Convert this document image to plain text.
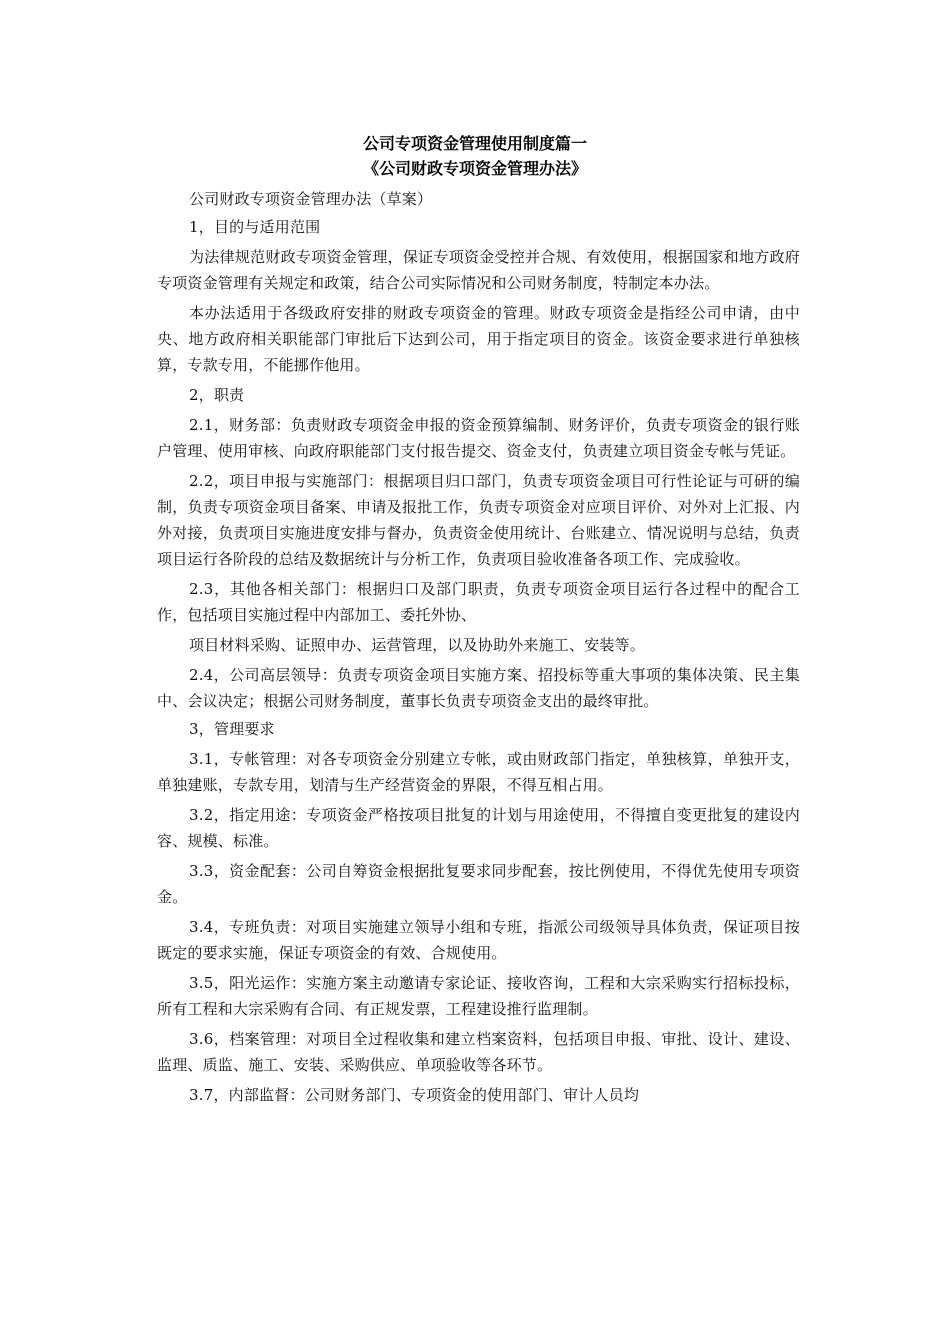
公司专项资金管理使用制度篇一
《公司财政专项资金管理办法》

公司财政专项资金管理办法（草案）

1，目的与适用范围

为法律规范财政专项资金管理，保证专项资金受控并合规、有效使用，根据国家和地方政府专项资金管理有关规定和政策，结合公司实际情况和公司财务制度，特制定本办法。

本办法适用于各级政府安排的财政专项资金的管理。财政专项资金是指经公司申请，由中央、地方政府相关职能部门审批后下达到公司，用于指定项目的资金。该资金要求进行单独核算，专款专用，不能挪作他用。

2，职责

2.1，财务部：负责财政专项资金申报的资金预算编制、财务评价，负责专项资金的银行账户管理、使用审核、向政府职能部门支付报告提交、资金支付，负责建立项目资金专帐与凭证。

2.2，项目申报与实施部门：根据项目归口部门，负责专项资金项目可行性论证与可研的编制，负责专项资金项目备案、申请及报批工作，负责专项资金对应项目评价、对外对上汇报、内外对接，负责项目实施进度安排与督办，负责资金使用统计、台账建立、情况说明与总结，负责项目运行各阶段的总结及数据统计与分析工作，负责项目验收准备各项工作、完成验收。

2.3，其他各相关部门：根据归口及部门职责，负责专项资金项目运行各过程中的配合工作，包括项目实施过程中内部加工、委托外协、

项目材料采购、证照申办、运营管理，以及协助外来施工、安装等。

2.4，公司高层领导：负责专项资金项目实施方案、招投标等重大事项的集体决策、民主集中、会议决定；根据公司财务制度，董事长负责专项资金支出的最终审批。

3，管理要求

3.1，专帐管理：对各专项资金分别建立专帐，或由财政部门指定，单独核算，单独开支，单独建账，专款专用，划清与生产经营资金的界限，不得互相占用。

3.2，指定用途：专项资金严格按项目批复的计划与用途使用，不得擅自变更批复的建设内容、规模、标准。

3.3，资金配套：公司自筹资金根据批复要求同步配套，按比例使用，不得优先使用专项资金。

3.4，专班负责：对项目实施建立领导小组和专班，指派公司级领导具体负责，保证项目按既定的要求实施，保证专项资金的有效、合规使用。

3.5，阳光运作：实施方案主动邀请专家论证、接收咨询，工程和大宗采购实行招标投标，所有工程和大宗采购有合同、有正规发票，工程建设推行监理制。

3.6，档案管理：对项目全过程收集和建立档案资料，包括项目申报、审批、设计、建设、监理、质监、施工、安装、采购供应、单项验收等各环节。

3.7，内部监督：公司财务部门、专项资金的使用部门、审计人员均
